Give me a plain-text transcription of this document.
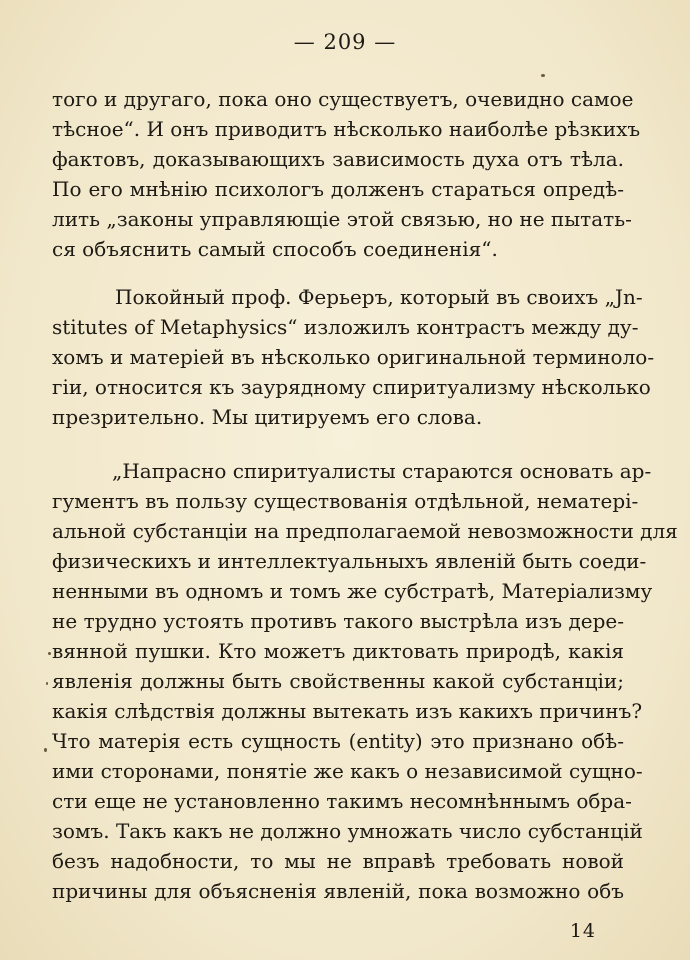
— 209 —
того и другаго, пока оно существуетъ, очевидно самое
тѣсное“. И онъ приводитъ нѣсколько наиболѣе рѣзкихъ
фактовъ, доказывающихъ зависимость духа отъ тѣла.
По его мнѣнію психологъ долженъ стараться опредѣ-
лить „законы управляющіе этой связью, но не пытать-
ся объяснить самый способъ соединенія“.
Покойный проф. Ферьеръ, который въ своихъ „Jn-
stitutes of Metaphysics“ изложилъ контрастъ между ду-
хомъ и матеріей въ нѣсколько оригинальной терминоло-
гіи, относится къ заурядному спиритуализму нѣсколько
презрительно. Мы цитируемъ его слова.
„Напрасно спиритуалисты стараются основать ар-
гументъ въ пользу существованія отдѣльной, нематері-
альной субстанціи на предполагаемой невозможности для
физическихъ и интеллектуальныхъ явленій быть соеди-
ненными въ одномъ и томъ же субстратѣ, Матеріализму
не трудно устоять противъ такого выстрѣла изъ дере-
вянной пушки. Кто можетъ диктовать природѣ, какія
явленія должны быть свойственны какой субстанціи;
какія слѣдствія должны вытекать изъ какихъ причинъ?
Что матерія есть сущность (entity) это признано обѣ-
ими сторонами, понятіе же какъ о независимой сущно-
сти еще не установленно такимъ несомнѣннымъ обра-
зомъ. Такъ какъ не должно умножать число субстанцій
безъ надобности, то мы не вправѣ требовать новой
причины для объясненія явленій, пока возможно объ
14
